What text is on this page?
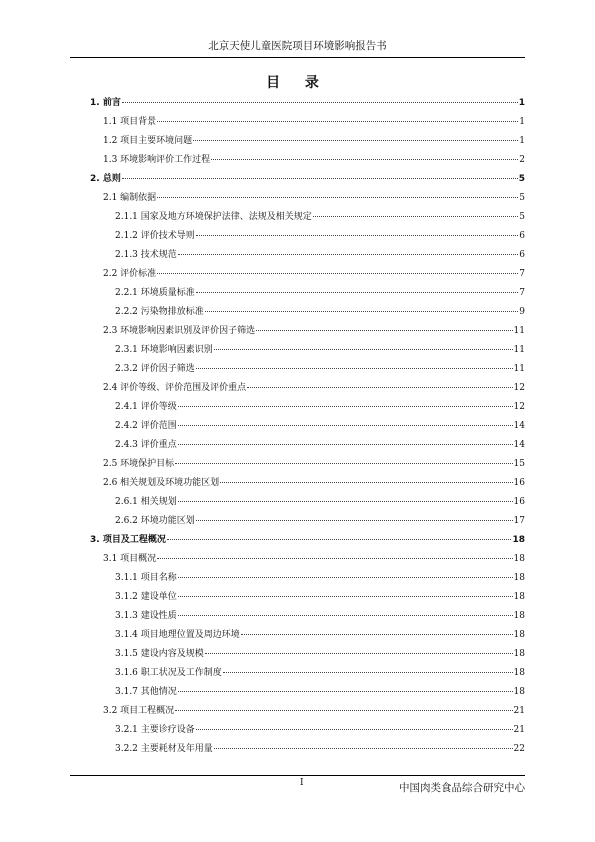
北京天使儿童医院项目环境影响报告书
目 录
1. 前言	1
1.1 项目背景	1
1.2 项目主要环境问题	1
1.3 环境影响评价工作过程	2
2. 总则	5
2.1 编制依据	5
2.1.1 国家及地方环境保护法律、法规及相关规定	5
2.1.2 评价技术导则	6
2.1.3 技术规范	6
2.2 评价标准	7
2.2.1 环境质量标准	7
2.2.2 污染物排放标准	9
2.3 环境影响因素识别及评价因子筛选	11
2.3.1 环境影响因素识别	11
2.3.2 评价因子筛选	11
2.4 评价等级、评价范围及评价重点	12
2.4.1 评价等级	12
2.4.2 评价范围	14
2.4.3 评价重点	14
2.5 环境保护目标	15
2.6 相关规划及环境功能区划	16
2.6.1 相关规划	16
2.6.2 环境功能区划	17
3. 项目及工程概况	18
3.1 项目概况	18
3.1.1 项目名称	18
3.1.2 建设单位	18
3.1.3 建设性质	18
3.1.4 项目地理位置及周边环境	18
3.1.5 建设内容及规模	18
3.1.6 职工状况及工作制度	18
3.1.7 其他情况	18
3.2 项目工程概况	21
3.2.1 主要诊疗设备	21
3.2.2 主要耗材及年用量	22
I	中国肉类食品综合研究中心
